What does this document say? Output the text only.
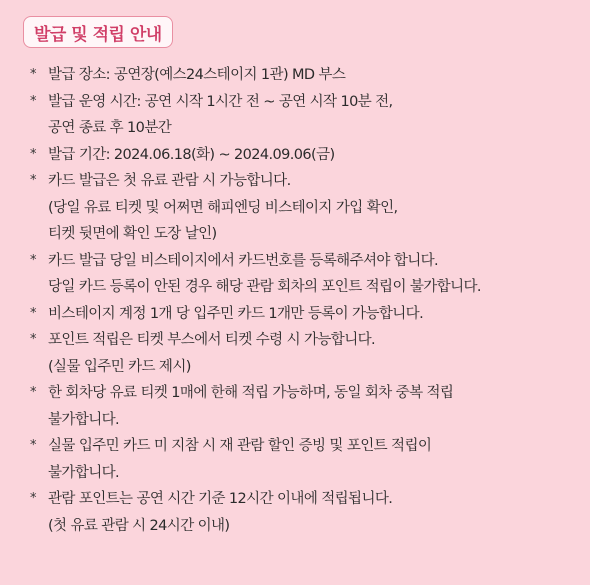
발급 및 적립 안내
* 발급 장소: 공연장(예스24스테이지 1관) MD 부스
* 발급 운영 시간: 공연 시작 1시간 전 ~ 공연 시작 10분 전,
공연 종료 후 10분간
* 발급 기간: 2024.06.18(화) ~ 2024.09.06(금)
* 카드 발급은 첫 유료 관람 시 가능합니다.
(당일 유료 티켓 및 어쩌면 해피엔딩 비스테이지 가입 확인,
티켓 뒷면에 확인 도장 날인)
* 카드 발급 당일 비스테이지에서 카드번호를 등록해주셔야 합니다.
당일 카드 등록이 안된 경우 해당 관람 회차의 포인트 적립이 불가합니다.
* 비스테이지 계정 1개 당 입주민 카드 1개만 등록이 가능합니다.
* 포인트 적립은 티켓 부스에서 티켓 수령 시 가능합니다.
(실물 입주민 카드 제시)
* 한 회차당 유료 티켓 1매에 한해 적립 가능하며, 동일 회차 중복 적립
불가합니다.
* 실물 입주민 카드 미 지참 시 재 관람 할인 증빙 및 포인트 적립이
불가합니다.
* 관람 포인트는 공연 시간 기준 12시간 이내에 적립됩니다.
(첫 유료 관람 시 24시간 이내)
